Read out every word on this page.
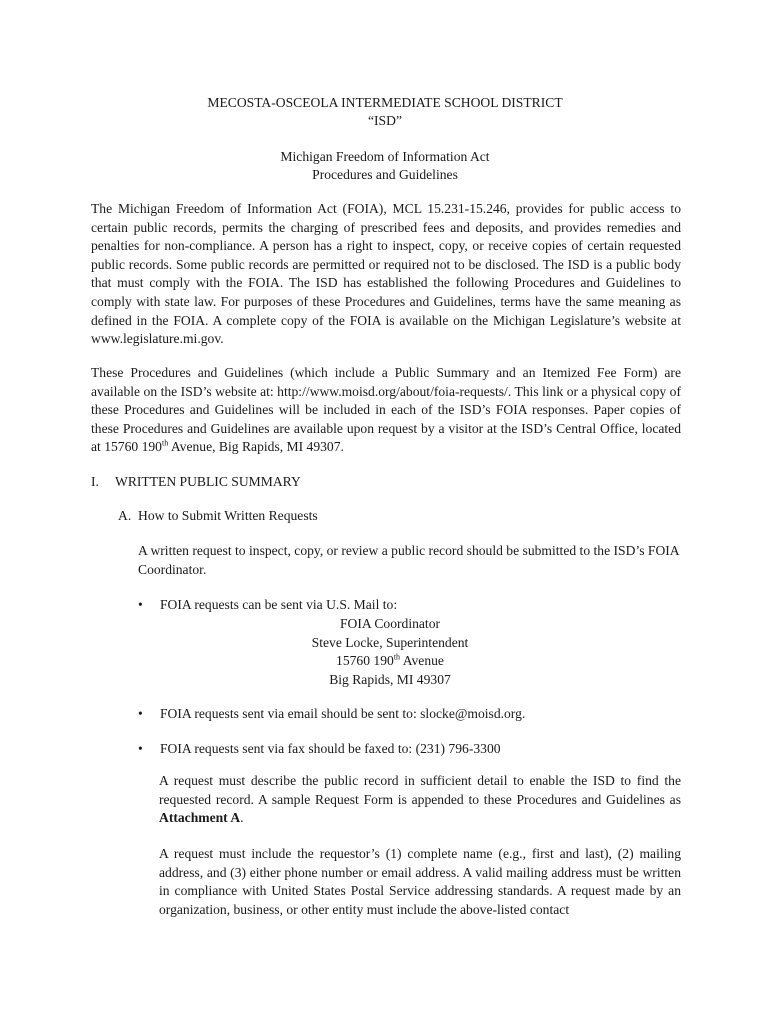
MECOSTA-OSCEOLA INTERMEDIATE SCHOOL DISTRICT
“ISD”
Michigan Freedom of Information Act
Procedures and Guidelines

The Michigan Freedom of Information Act (FOIA), MCL 15.231-15.246, provides for public access to certain public records, permits the charging of prescribed fees and deposits, and provides remedies and penalties for non-compliance. A person has a right to inspect, copy, or receive copies of certain requested public records. Some public records are permitted or required not to be disclosed. The ISD is a public body that must comply with the FOIA. The ISD has established the following Procedures and Guidelines to comply with state law. For purposes of these Procedures and Guidelines, terms have the same meaning as defined in the FOIA. A complete copy of the FOIA is available on the Michigan Legislature’s website at www.legislature.mi.gov.

These Procedures and Guidelines (which include a Public Summary and an Itemized Fee Form) are available on the ISD’s website at: http://www.moisd.org/about/foia-requests/. This link or a physical copy of these Procedures and Guidelines will be included in each of the ISD’s FOIA responses. Paper copies of these Procedures and Guidelines are available upon request by a visitor at the ISD’s Central Office, located at 15760 190th Avenue, Big Rapids, MI 49307.

I. WRITTEN PUBLIC SUMMARY
A. How to Submit Written Requests

A written request to inspect, copy, or review a public record should be submitted to the ISD’s FOIA Coordinator.

• FOIA requests can be sent via U.S. Mail to:
FOIA Coordinator
Steve Locke, Superintendent
15760 190th Avenue
Big Rapids, MI 49307
• FOIA requests sent via email should be sent to: slocke@moisd.org.
• FOIA requests sent via fax should be faxed to: (231) 796-3300

A request must describe the public record in sufficient detail to enable the ISD to find the requested record. A sample Request Form is appended to these Procedures and Guidelines as Attachment A.

A request must include the requestor’s (1) complete name (e.g., first and last), (2) mailing address, and (3) either phone number or email address. A valid mailing address must be written in compliance with United States Postal Service addressing standards. A request made by an organization, business, or other entity must include the above-listed contact
